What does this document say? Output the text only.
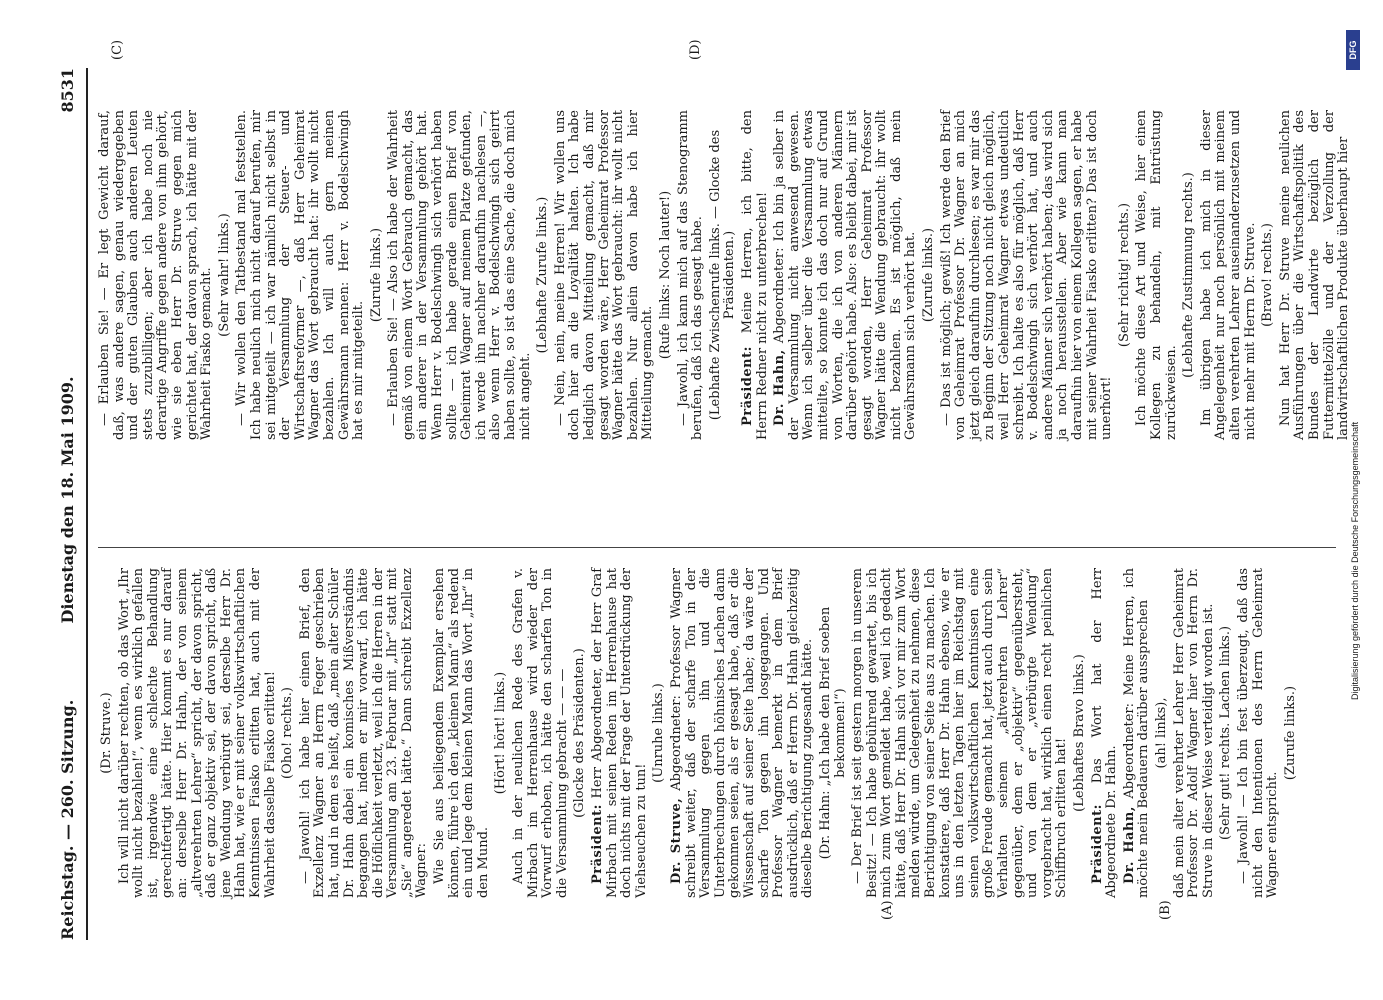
Reichstag. — 260. Sitzung.
Dienstag den 18. Mai 1909.
8531
(A)	(B)
(C)	(D)

(Dr. Struve.) Ich will nicht darüber rechten, ob das Wort „Ihr wollt nicht bezahlen!“, wenn es wirklich gefallen ist, irgendwie eine schlechte Behandlung gerechtfertigt hätte. Hier kommt es nur darauf an: derselbe Herr Dr. Hahn, der von seinem „altverehrten Lehrer“ spricht, der davon spricht, daß er ganz objektiv sei, der davon spricht, daß jene Wendung verbürgt sei, derselbe Herr Dr. Hahn hat, wie er mit seiner volkswirtschaftlichen Kenntnissen Fiasko erlitten hat, auch mit der Wahrheit dasselbe Fiasko erlitten! (Oho! rechts.) — Jawohl! ich habe hier einen Brief, den Exzellenz Wagner an Herrn Feger geschrieben hat, und in dem es heißt, daß „mein alter Schüler Dr. Hahn dabei ein komisches Mißverständnis begangen hat, indem er mir vorwarf, ich hätte die Höflichkeit verletzt, weil ich die Herren in der Versammlung am 23. Februar mit „Ihr“ statt mit „Sie“ angeredet hätte.“ Dann schreibt Exzellenz Wagner: Wie Sie aus beiliegendem Exemplar ersehen können, führe ich den „kleinen Mann“ als redend ein und lege dem kleinen Mann das Wort „Ihr“ in den Mund.

(Hört! hört! links.) Auch in der neulichen Rede des Grafen v. Mirbach im Herrenhause wird wieder der Vorwurf erhoben, ich hätte den scharfen Ton in die Versammlung gebracht — — — (Glocke des Präsidenten.)

Präsident: Herr Abgeordneter, der Herr Graf Mirbach mit seinen Reden im Herrenhause hat doch nichts mit der Frage der Unterdrückung der Viehseuchen zu tun!

(Unruhe links.)

Dr. Struve, Abgeordneter: Professor Wagner schreibt weiter, daß der scharfe Ton in der Versammlung gegen ihn und die Unterbrechungen durch höhnisches Lachen dann gekommen seien, als er gesagt habe, daß er die Wissenschaft auf seiner Seite habe; da wäre der scharfe Ton gegen ihn losgegangen. Und Professor Wagner bemerkt in dem Brief ausdrücklich, daß er Herrn Dr. Hahn gleichzeitig dieselbe Berichtigung zugesandt hätte. (Dr. Hahn: „Ich habe den Brief soeben bekommen!“) — Der Brief ist seit gestern morgen in unserem Besitz! — Ich habe gebührend gewartet, bis ich mich zum Wort gemeldet habe, weil ich gedacht hätte, daß Herr Dr. Hahn sich vor mir zum Wort melden würde, um Gelegenheit zu nehmen, diese Berichtigung von seiner Seite aus zu machen. Ich konstatiere, daß Herr Dr. Hahn ebenso, wie er uns in den letzten Tagen hier im Reichstag mit seinen volkswirtschaftlichen Kenntnissen eine große Freude gemacht hat, jetzt auch durch sein Verhalten seinem „altverehrten Lehrer“ gegenüber, dem er „objektiv“ gegenübersteht, und von dem er „verbürgte Wendung“ vorgebracht hat, wirklich einen recht peinlichen Schiffbruch erlitten hat!

(Lebhaftes Bravo links.)

Präsident: Das Wort hat der Herr Abgeordnete Dr. Hahn. Dr. Hahn, Abgeordneter: Meine Herren, ich möchte mein Bedauern darüber aussprechen (ah! links), daß mein alter verehrter Lehrer Herr Geheimrat Professor Dr. Adolf Wagner hier von Herrn Dr. Struve in dieser Weise verteidigt worden ist. (Sehr gut! rechts. Lachen links.) — Jawohl! — Ich bin fest überzeugt, daß das nicht den Intentionen des Herrn Geheimrat Wagner entspricht.

(Zurufe links.)

— Erlauben Sie! — Er legt Gewicht darauf, daß, was andere sagen, genau wiedergegeben und der guten Glauben auch anderen Leuten stets zuzubilligen; aber ich habe noch nie derartige Angriffe gegen andere von ihm gehört, wie sie eben Herr Dr. Struve gegen mich gerichtet hat, der davon sprach, ich hätte mit der Wahrheit Fiasko gemacht. (Sehr wahr! links.) — Wir wollen den Tatbestand mal feststellen. Ich habe neulich mich nicht darauf berufen, mir sei mitgeteilt — ich war nämlich nicht selbst in der Versammlung der Steuer- und Wirtschaftsreformer —, daß Herr Geheimrat Wagner das Wort gebraucht hat: ihr wollt nicht bezahlen. Ich will auch gern meinen Gewährsmann nennen: Herr v. Bodelschwingh hat es mir mitgeteilt.

(Zurufe links.) — Erlauben Sie! — Also ich habe der Wahrheit gemäß von einem Wort Gebrauch gemacht, das ein anderer in der Versammlung gehört hat. Wenn Herr v. Bodelschwingh sich verhört haben sollte — ich habe gerade einen Brief von Geheimrat Wagner auf meinem Platze gefunden, ich werde ihn nachher daraufhin nachlesen —, also wenn Herr v. Bodelschwingh sich geirrt haben sollte, so ist das eine Sache, die doch mich nicht angeht.

(Lebhafte Zurufe links.) — Nein, nein, meine Herren! Wir wollen uns doch hier an die Loyalität halten. Ich habe lediglich davon Mitteilung gemacht, daß mir gesagt worden wäre, Herr Geheimrat Professor Wagner hätte das Wort gebraucht: ihr wollt nicht bezahlen. Nur allein davon habe ich hier Mitteilung gemacht.

(Rufe links: Noch lauter!) — Jawohl, ich kann mich auf das Stenogramm berufen, daß ich das gesagt habe. (Lebhafte Zwischenrufe links. — Glocke des Präsidenten.)

Präsident: Meine Herren, ich bitte, den Herrn Redner nicht zu unterbrechen! Dr. Hahn, Abgeordneter: Ich bin ja selber in der Versammlung nicht anwesend gewesen. Wenn ich selber über die Versammlung etwas mitteilte, so konnte ich das doch nur auf Grund von Worten, die ich von anderen Männern darüber gehört habe. Also: es bleibt dabei, mir ist gesagt worden, Herr Geheimrat Professor Wagner hätte die Wendung gebraucht: ihr wollt nicht bezahlen. Es ist möglich, daß mein Gewährsmann sich verhört hat. (Zurufe links.) — Das ist möglich; gewiß! Ich werde den Brief von Geheimrat Professor Dr. Wagner an mich jetzt gleich daraufhin durchlesen; es war mir das zu Beginn der Sitzung noch nicht gleich möglich, weil Herr Geheimrat Wagner etwas undeutlich schreibt. Ich halte es also für möglich, daß Herr v. Bodelschwingh sich verhört hat, und auch andere Männer sich verhört haben; das wird sich ja noch herausstellen. Aber wie kann man daraufhin hier von einem Kollegen sagen, er habe mit seiner Wahrheit Fiasko erlitten? Das ist doch unerhört!

(Sehr richtig! rechts.) Ich möchte diese Art und Weise, hier einen Kollegen zu behandeln, mit Entrüstung zurückweisen.

(Lebhafte Zustimmung rechts.) Im übrigen habe ich mich in dieser Angelegenheit nur noch persönlich mit meinem alten verehrten Lehrer auseinanderzusetzen und nicht mehr mit Herrn Dr. Struve. (Bravo! rechts.) Nun hat Herr Dr. Struve meine neulichen Ausführungen über die Wirtschaftspolitik des Bundes der Landwirte bezüglich der Futtermittelzölle und der Verzollung der landwirtschaftlichen Produkte überhaupt hier

Digitalisierung gefördert durch die Deutsche Forschungsgemeinschaft
DFG
